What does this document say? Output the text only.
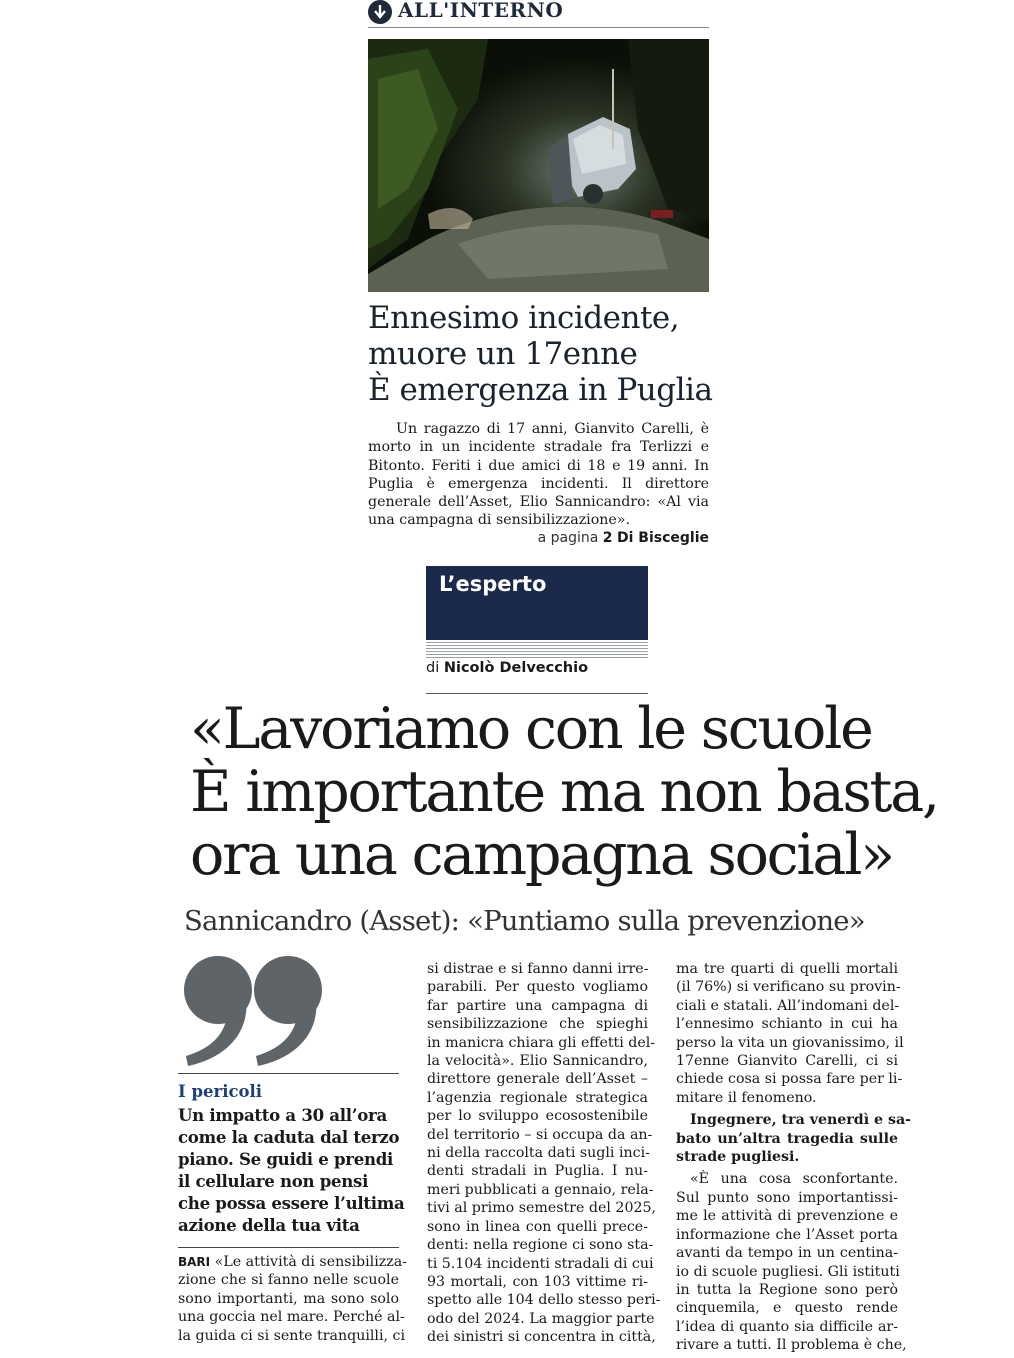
ALL'INTERNO
Ennesimo incidente,
muore un 17enne
È emergenza in Puglia
Un ragazzo di 17 anni, Gianvito Carelli, è
morto in un incidente stradale fra Terlizzi e
Bitonto. Feriti i due amici di 18 e 19 anni. In
Puglia è emergenza incidenti. Il direttore
generale dell’Asset, Elio Sannicandro: «Al via
una campagna di sensibilizzazione».
a pagina 2 Di Bisceglie
L’esperto
di Nicolò Delvecchio
«Lavoriamo con le scuole
È importante ma non basta,
ora una campagna social»
Sannicandro (Asset): «Puntiamo sulla prevenzione»
I pericoli
Un impatto a 30 all’ora
come la caduta dal terzo
piano. Se guidi e prendi
il cellulare non pensi
che possa essere l’ultima
azione della tua vita
BARI «Le attività di sensibilizza-
zione che si fanno nelle scuole
sono importanti, ma sono solo
una goccia nel mare. Perché al-
la guida ci si sente tranquilli, ci
si distrae e si fanno danni irre-
parabili. Per questo vogliamo
far partire una campagna di
sensibilizzazione che spieghi
in manicra chiara gli effetti del-
la velocità». Elio Sannicandro,
direttore generale dell’Asset –
l’agenzia regionale strategica
per lo sviluppo ecosostenibile
del territorio – si occupa da an-
ni della raccolta dati sugli inci-
denti stradali in Puglia. I nu-
meri pubblicati a gennaio, rela-
tivi al primo semestre del 2025,
sono in linea con quelli prece-
denti: nella regione ci sono sta-
ti 5.104 incidenti stradali di cui
93 mortali, con 103 vittime ri-
spetto alle 104 dello stesso peri-
odo del 2024. La maggior parte
dei sinistri si concentra in città,
ma tre quarti di quelli mortali
(il 76%) si verificano su provin-
ciali e statali. All’indomani del-
l’ennesimo schianto in cui ha
perso la vita un giovanissimo, il
17enne Gianvito Carelli, ci si
chiede cosa si possa fare per li-
mitare il fenomeno.
Ingegnere, tra venerdì e sa-
bato un’altra tragedia sulle
strade pugliesi.
«È una cosa sconfortante.
Sul punto sono importantissi-
me le attività di prevenzione e
informazione che l’Asset porta
avanti da tempo in un centina-
io di scuole pugliesi. Gli istituti
in tutta la Regione sono però
cinquemila, e questo rende
l’idea di quanto sia difficile ar-
rivare a tutti. Il problema è che,
